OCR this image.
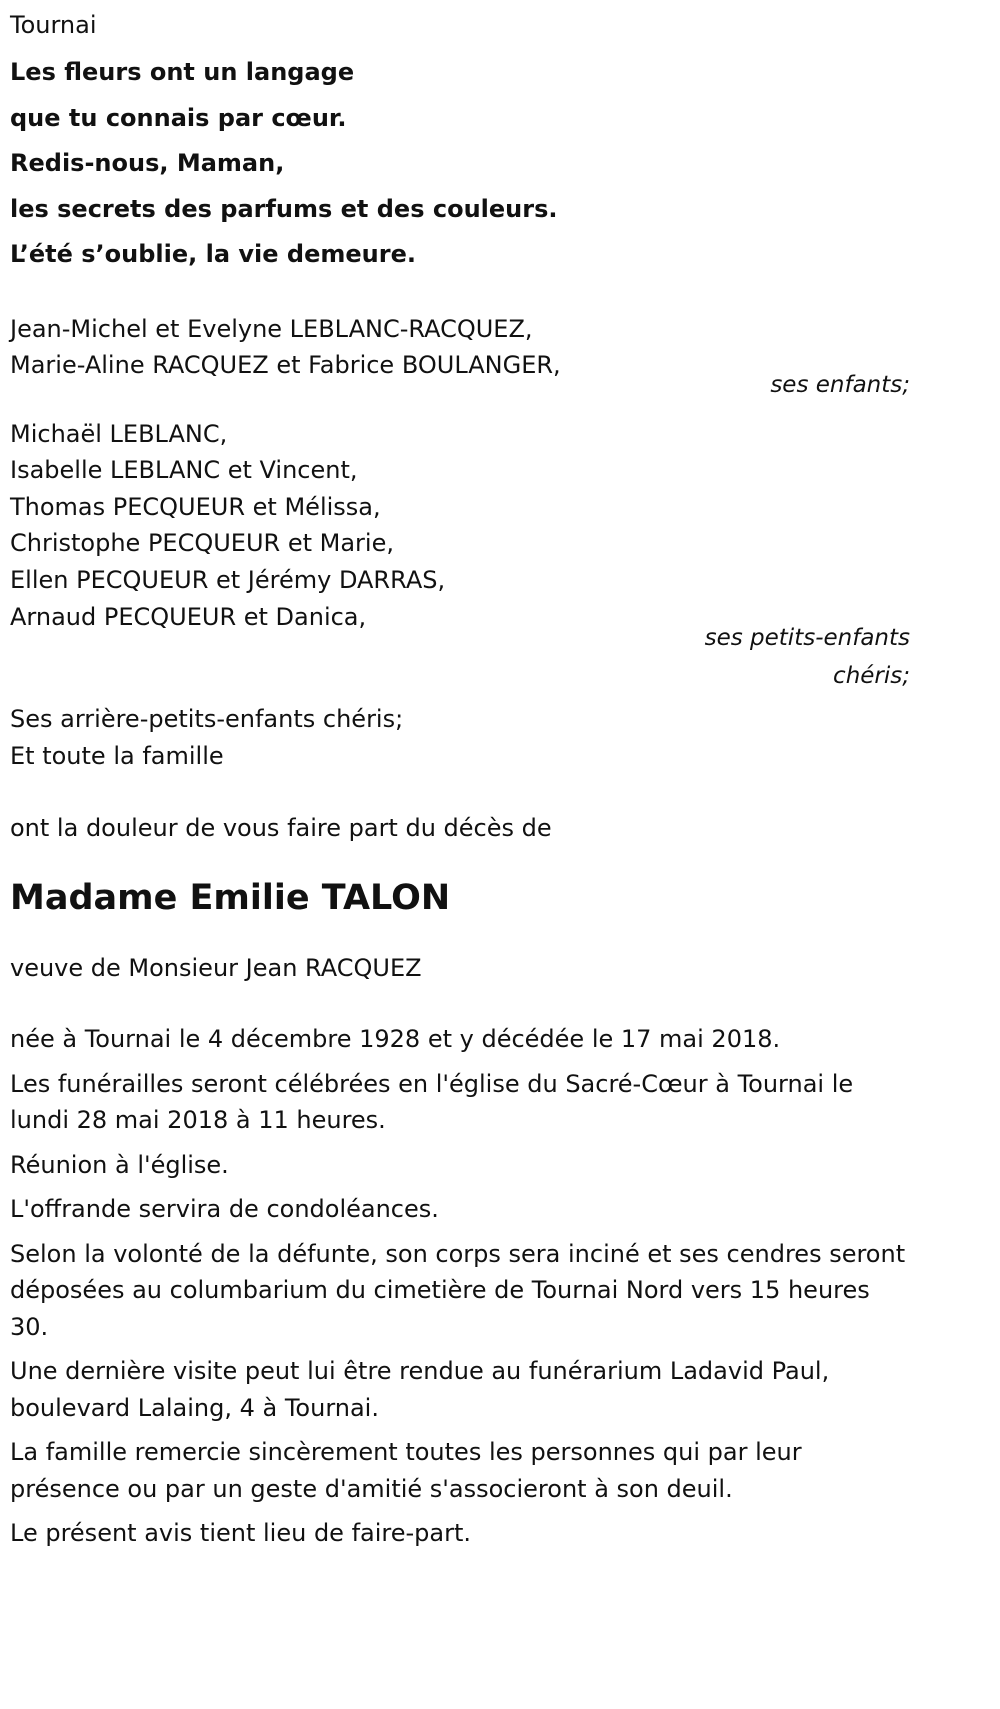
Tournai

Les fleurs ont un langage

que tu connais par cœur.

Redis-nous, Maman,

les secrets des parfums et des couleurs.

L’été s’oublie, la vie demeure.

Jean-Michel et Evelyne LEBLANC-RACQUEZ,

Marie-Aline RACQUEZ et Fabrice BOULANGER,

ses enfants;

Michaël LEBLANC,

Isabelle LEBLANC et Vincent,

Thomas PECQUEUR et Mélissa,

Christophe PECQUEUR et Marie,

Ellen PECQUEUR et Jérémy DARRAS,

Arnaud PECQUEUR et Danica,

ses petits-enfants

chéris;

Ses arrière-petits-enfants chéris;

Et toute la famille

ont la douleur de vous faire part du décès de

Madame Emilie TALON

veuve de Monsieur Jean RACQUEZ

née à Tournai le 4 décembre 1928 et y décédée le 17 mai 2018.

Les funérailles seront célébrées en l'église du Sacré-Cœur à Tournai le lundi 28 mai 2018 à 11 heures.

Réunion à l'église.

L'offrande servira de condoléances.

Selon la volonté de la défunte, son corps sera inciné et ses cendres seront déposées au columbarium du cimetière de Tournai Nord vers 15 heures 30.

Une dernière visite peut lui être rendue au funérarium Ladavid Paul, boulevard Lalaing, 4 à Tournai.

La famille remercie sincèrement toutes les personnes qui par leur présence ou par un geste d'amitié s'associeront à son deuil.

Le présent avis tient lieu de faire-part.
